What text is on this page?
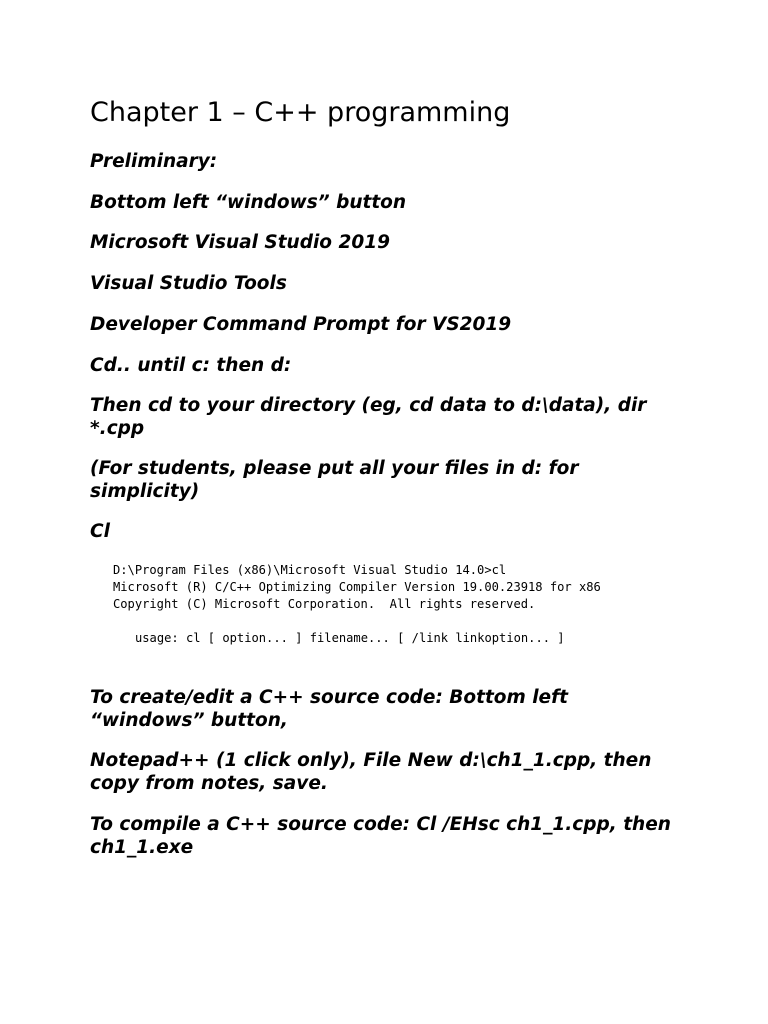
Chapter 1 – C++ programming

Preliminary:

Bottom left “windows” button

Microsoft Visual Studio 2019

Visual Studio Tools

Developer Command Prompt for VS2019

Cd.. until c: then d:

Then cd to your directory (eg, cd data to d:\data), dir *.cpp

(For students, please put all your files in d: for simplicity)

Cl

D:\Program Files (x86)\Microsoft Visual Studio 14.0>cl
Microsoft (R) C/C++ Optimizing Compiler Version 19.00.23918 for x86
Copyright (C) Microsoft Corporation.  All rights reserved.

usage: cl [ option... ] filename... [ /link linkoption... ]

To create/edit a C++ source code: Bottom left “windows” button,

Notepad++ (1 click only), File New d:\ch1_1.cpp, then copy from notes, save.

To compile a C++ source code: Cl /EHsc ch1_1.cpp, then ch1_1.exe
